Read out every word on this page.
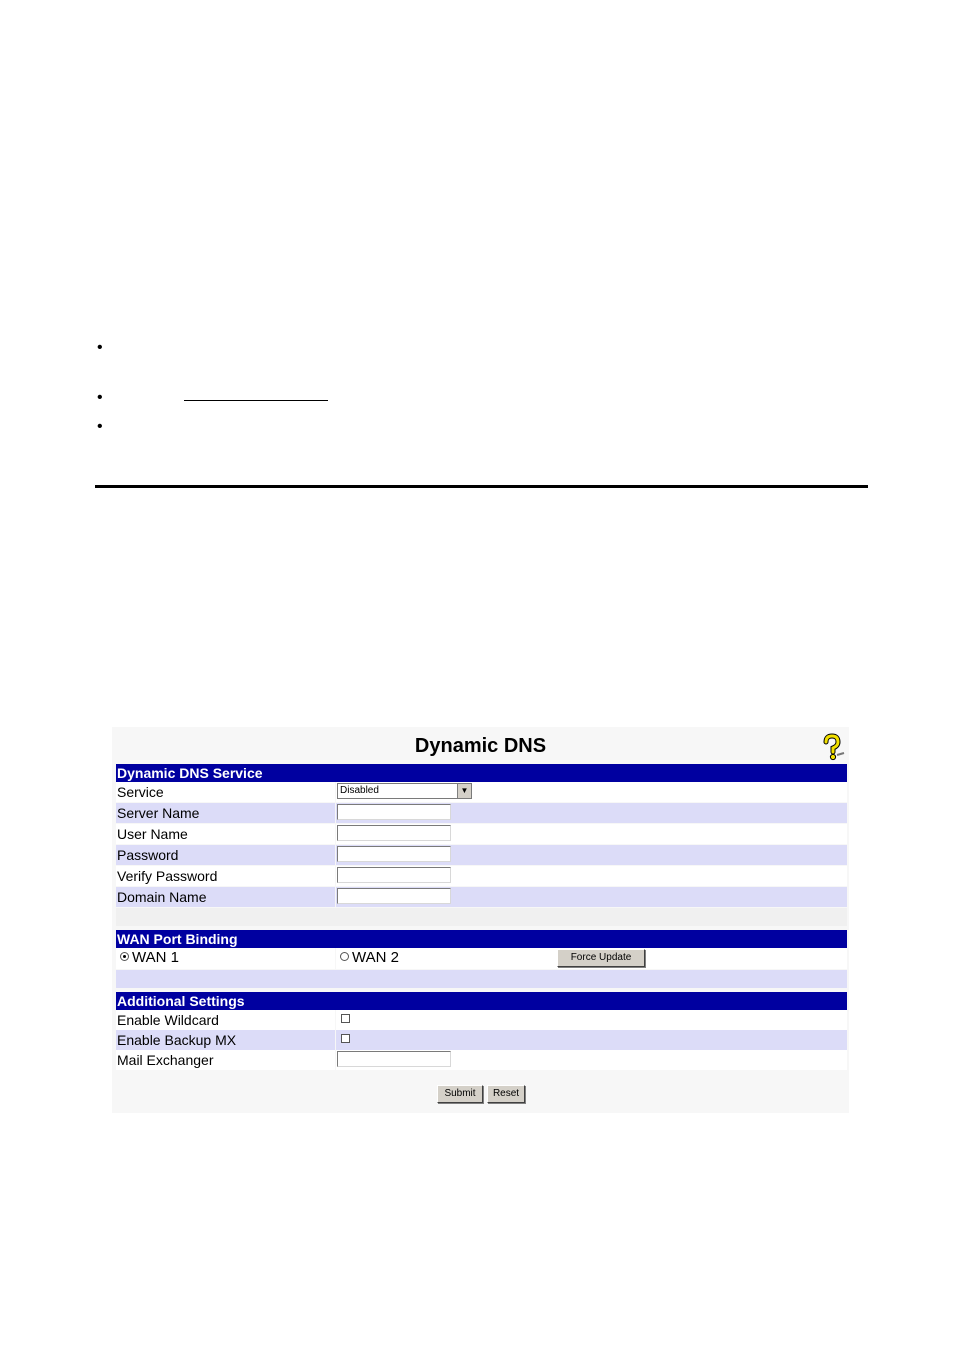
•
•
•
Dynamic DNS
Dynamic DNS Service
Service	Disabled	▼
Server Name
User Name
Password
Verify Password
Domain Name
WAN Port Binding
WAN 1	WAN 2	Force Update
Additional Settings
Enable Wildcard
Enable Backup MX
Mail Exchanger
Submit	Reset
